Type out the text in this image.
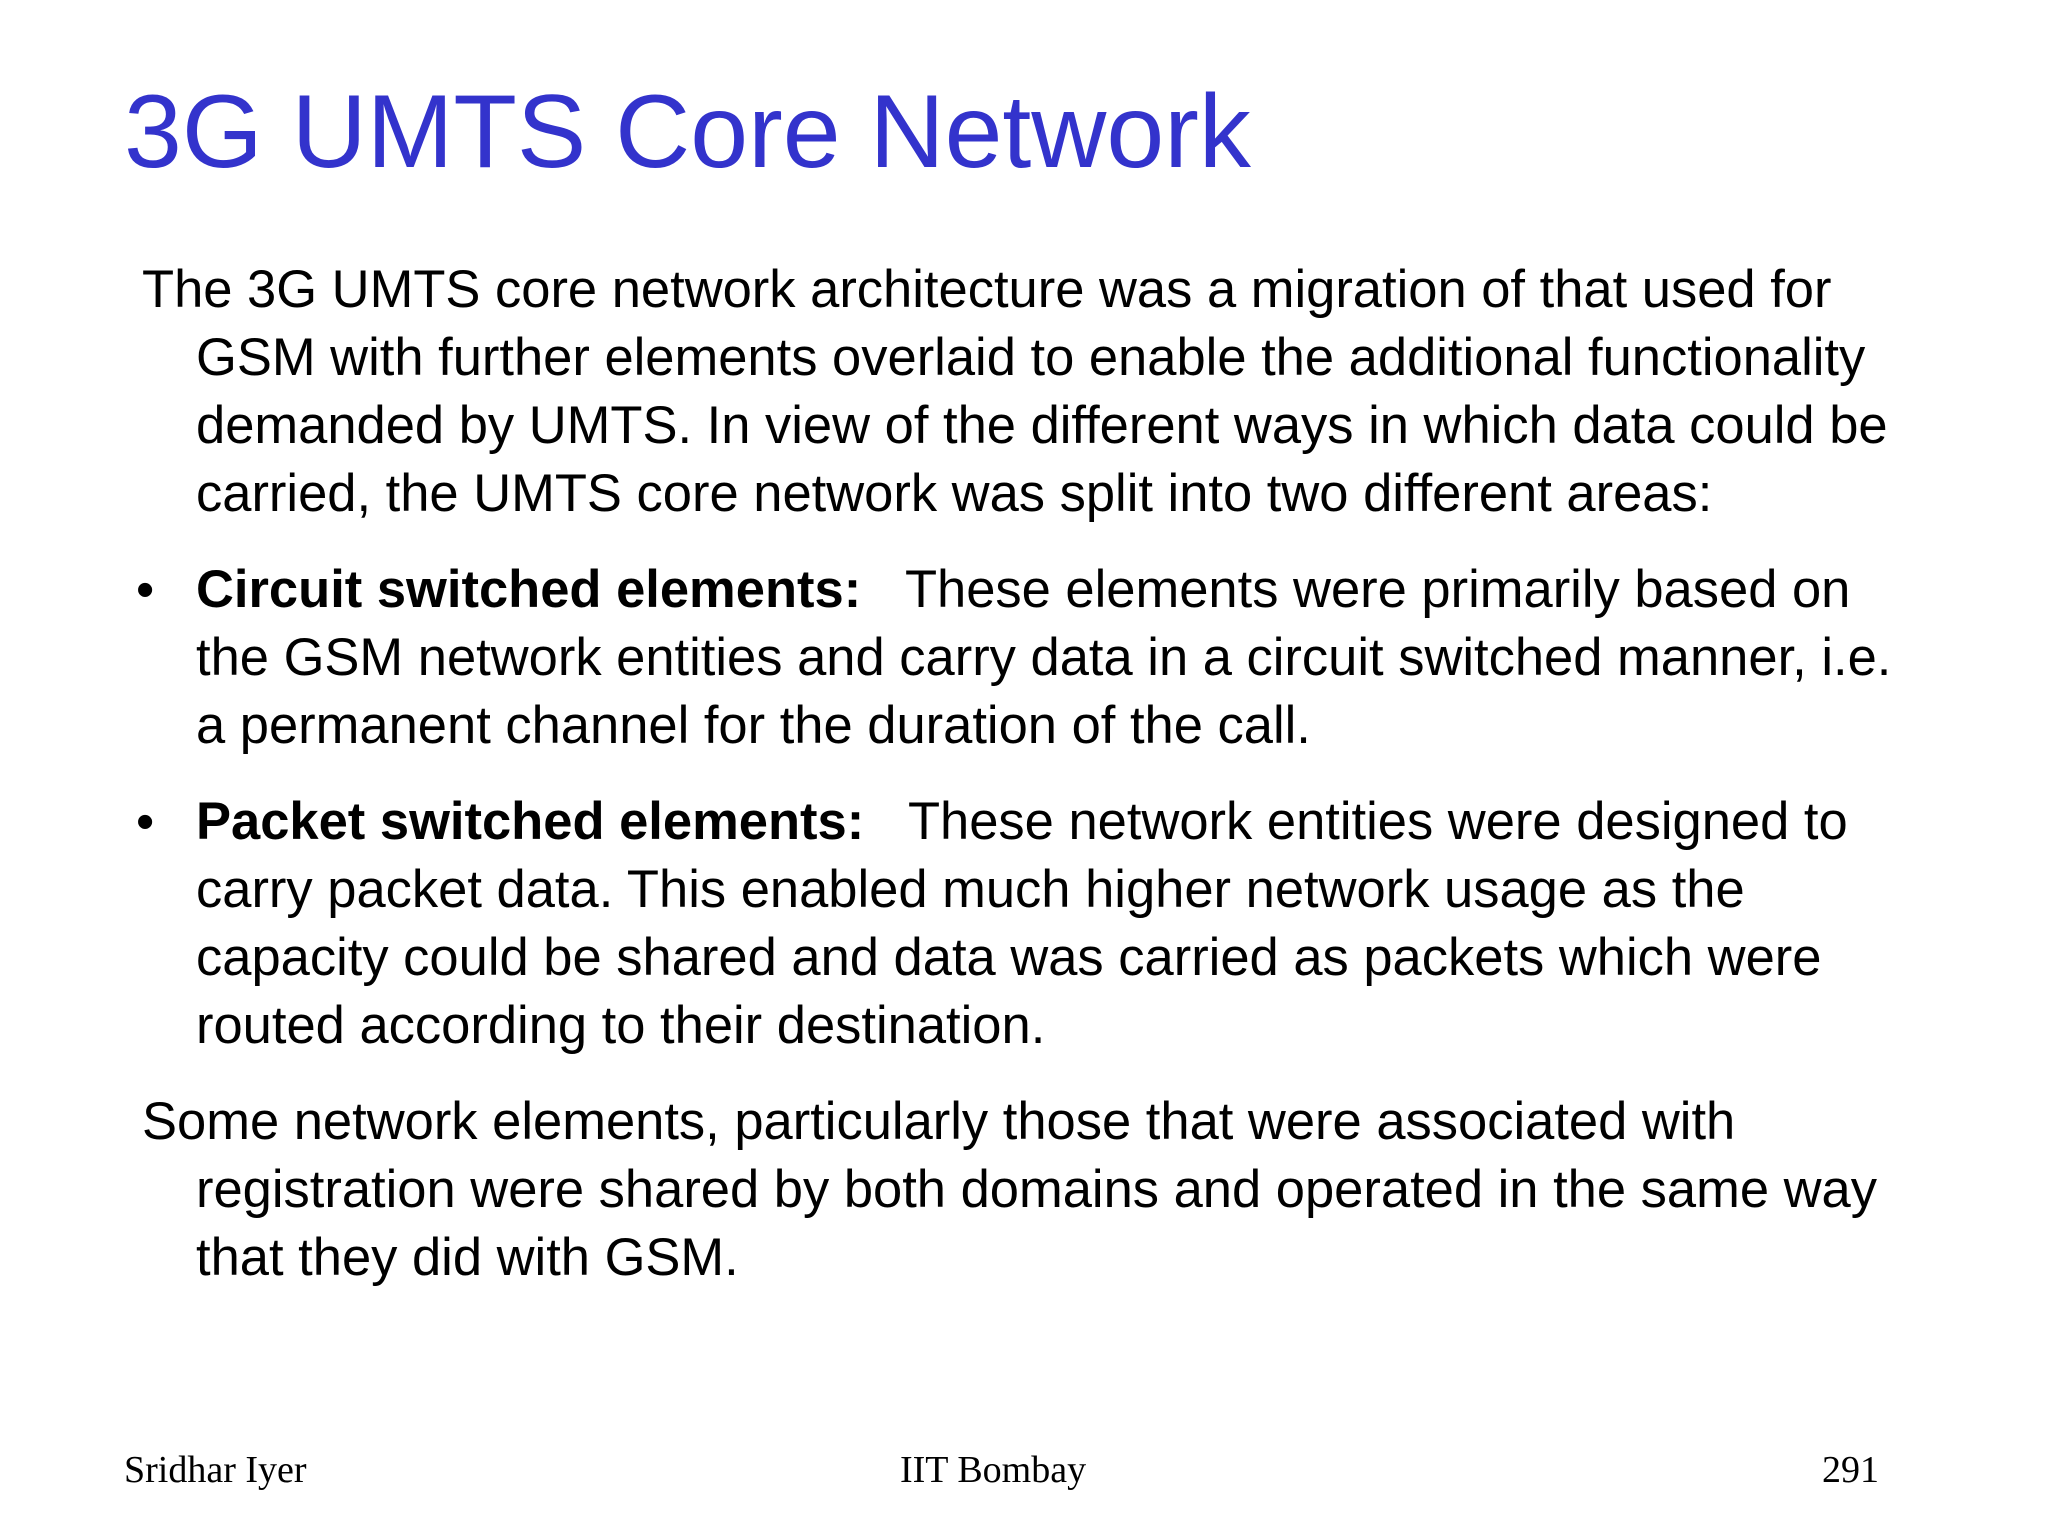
3G UMTS Core Network

The 3G UMTS core network architecture was a migration of that used for GSM with further elements overlaid to enable the additional functionality demanded by UMTS. In view of the different ways in which data could be carried, the UMTS core network was split into two different areas:

• Circuit switched elements: These elements were primarily based on the GSM network entities and carry data in a circuit switched manner, i.e. a permanent channel for the duration of the call.
• Packet switched elements: These network entities were designed to carry packet data. This enabled much higher network usage as the capacity could be shared and data was carried as packets which were routed according to their destination.

Some network elements, particularly those that were associated with registration were shared by both domains and operated in the same way that they did with GSM.

Sridhar Iyer	IIT Bombay	291
